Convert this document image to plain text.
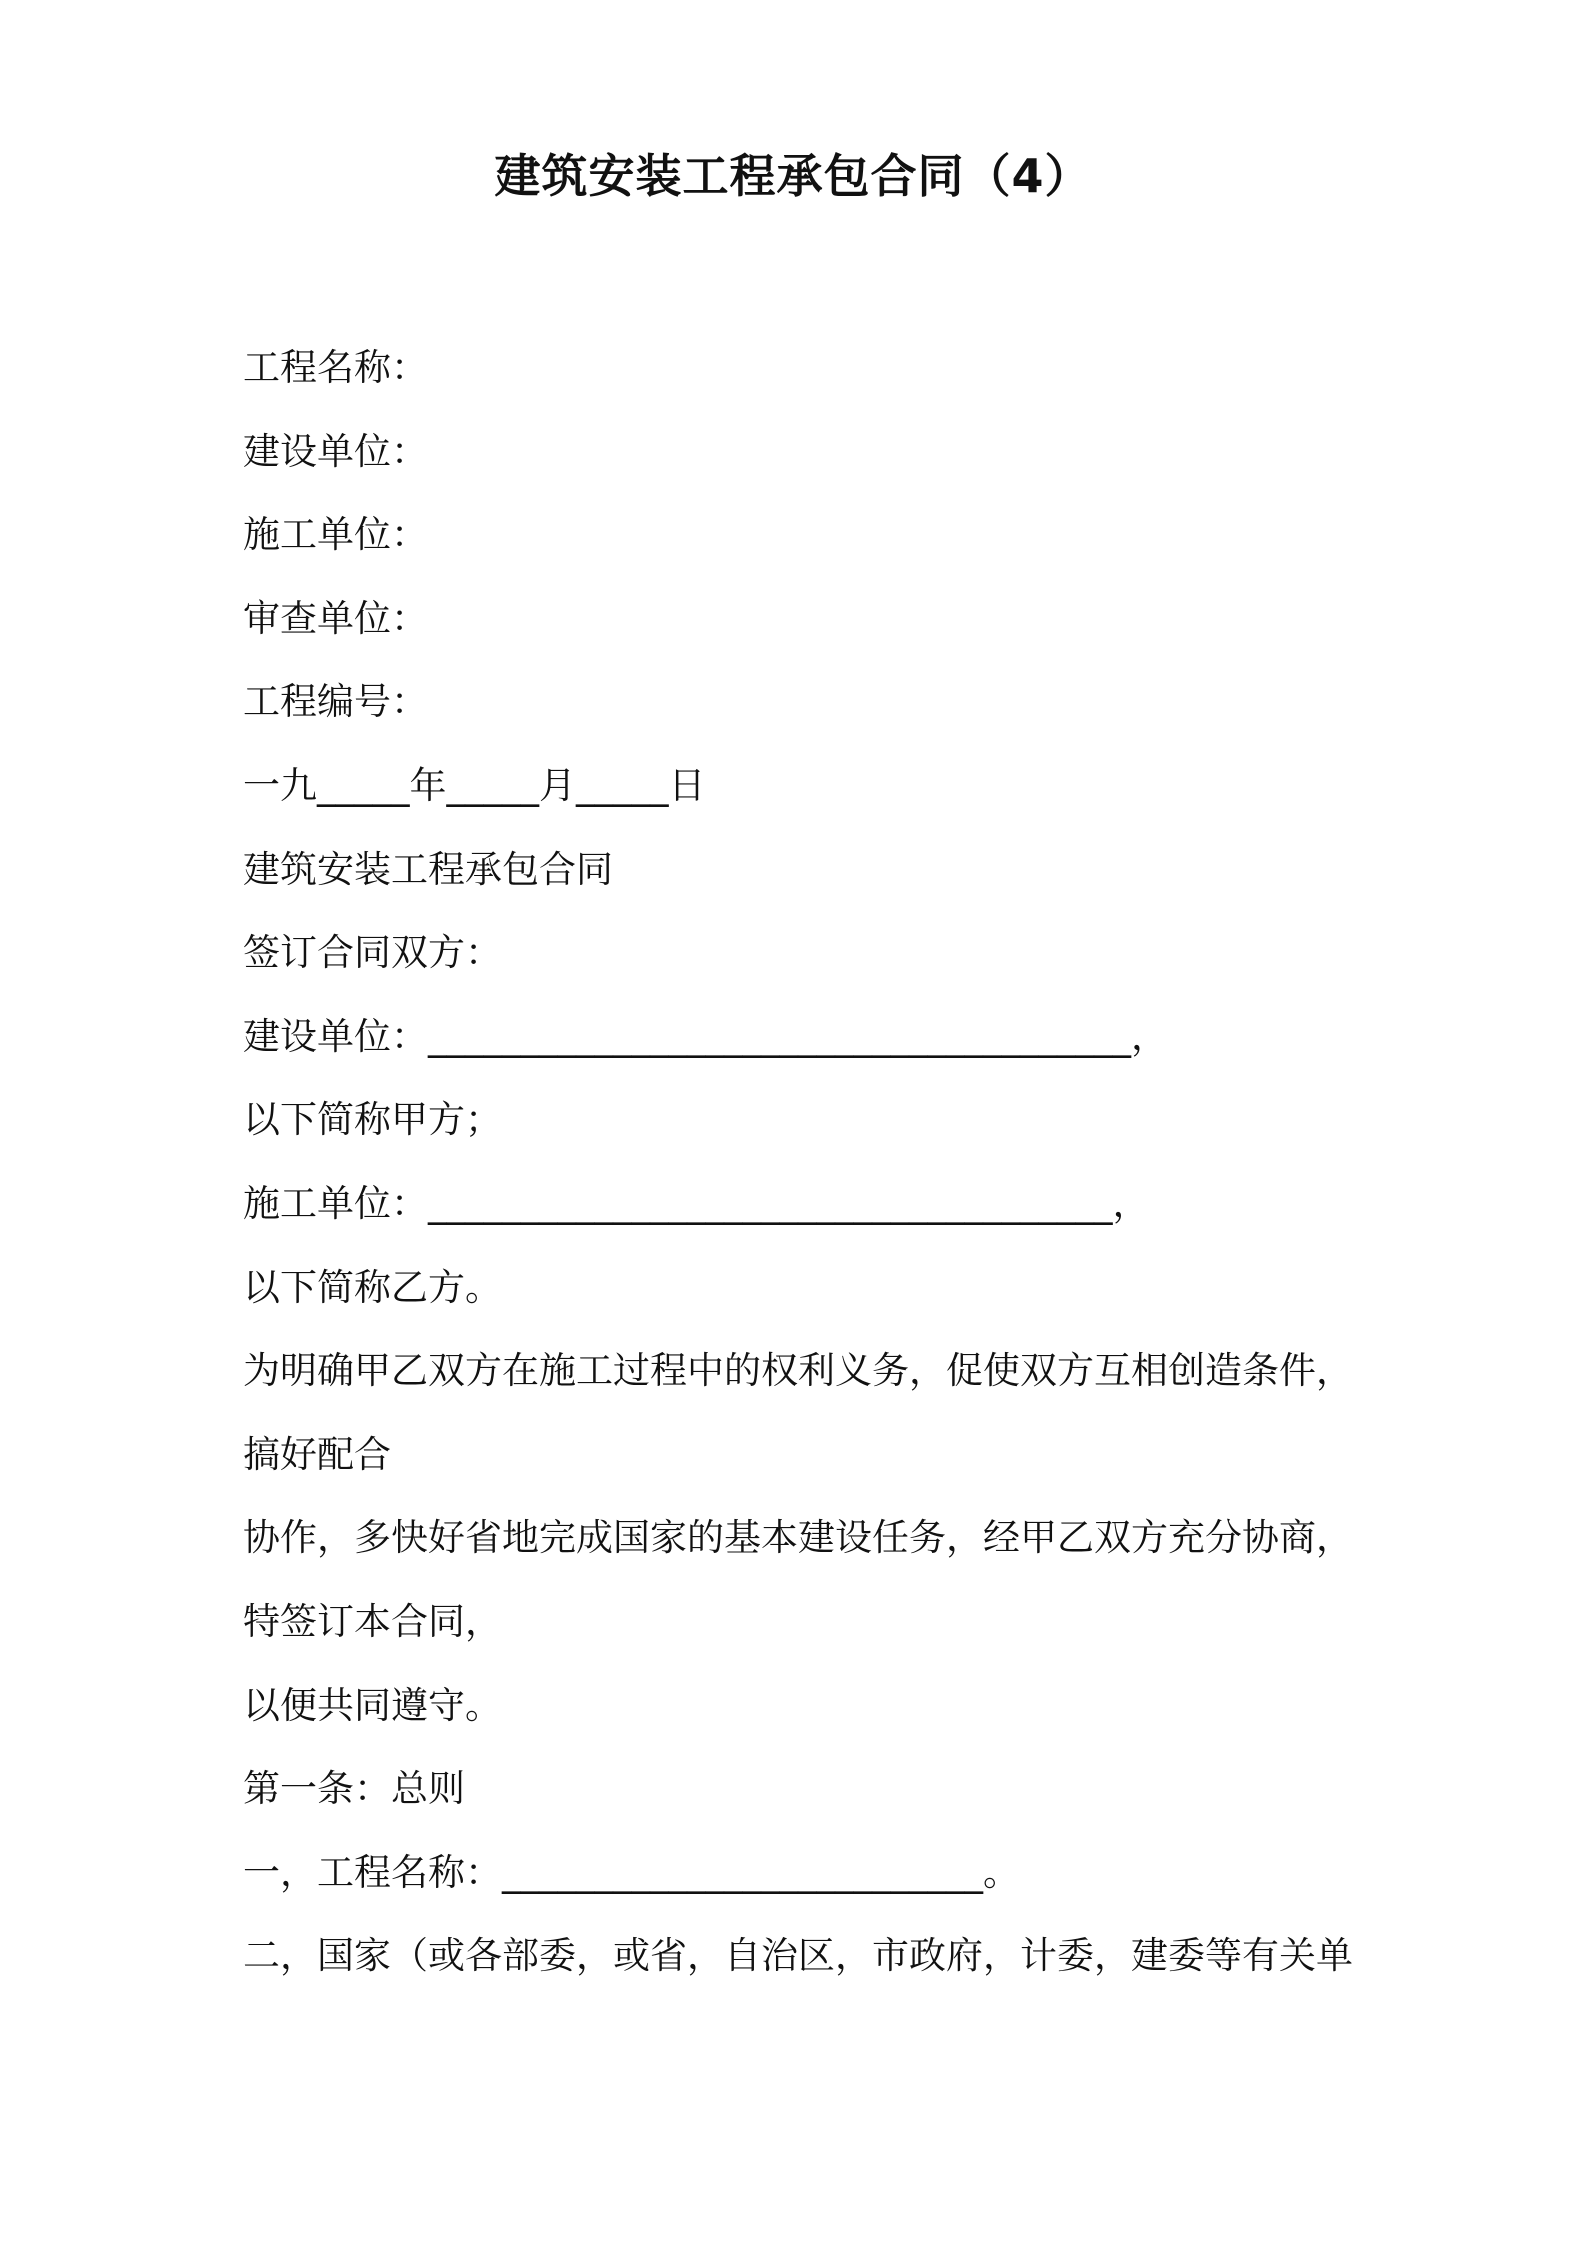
建筑安装工程承包合同（4）
工程名称：
建设单位：
施工单位：
审查单位：
工程编号：
一九_____年_____月_____日
建筑安装工程承包合同
签订合同双方：
建设单位：______________________________________，
以下简称甲方；
施工单位：_____________________________________，
以下简称乙方。
为明确甲乙双方在施工过程中的权利义务，促使双方互相创造条件，
搞好配合
协作，多快好省地完成国家的基本建设任务，经甲乙双方充分协商，
特签订本合同，
以便共同遵守。
第一条：总则
一，工程名称：__________________________。
二，国家（或各部委，或省，自治区，市政府，计委，建委等有关单
